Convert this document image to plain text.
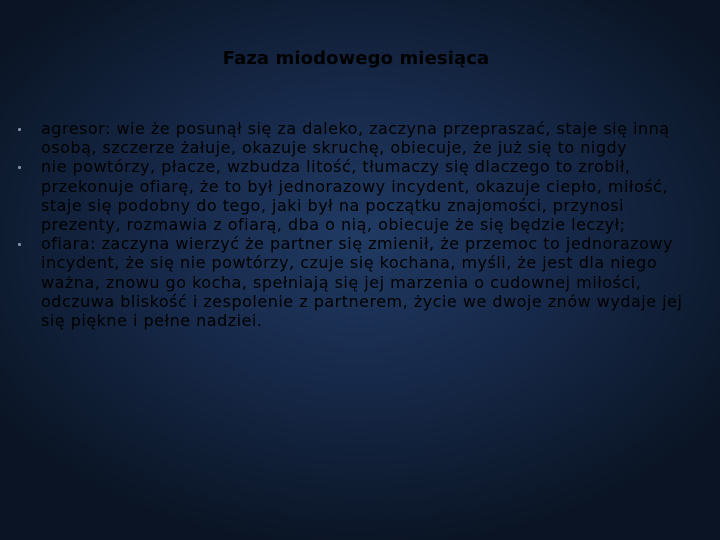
Faza miodowego miesiąca
agresor: wie że posunął się za daleko, zaczyna przepraszać, staje się inną osobą, szczerze żałuje, okazuje skruchę, obiecuje, że już się to nigdy
nie powtórzy, płacze, wzbudza litość, tłumaczy się dlaczego to zrobił, przekonuje ofiarę, że to był jednorazowy incydent, okazuje ciepło, miłość, staje się podobny do tego, jaki był na początku znajomości, przynosi prezenty, rozmawia z ofiarą, dba o nią, obiecuje że się będzie leczył;
ofiara: zaczyna wierzyć że partner się zmienił, że przemoc to jednorazowy incydent, że się nie powtórzy, czuje się kochana, myśli, że jest dla niego ważna, znowu go kocha, spełniają się jej marzenia o cudownej miłości, odczuwa bliskość i zespolenie z partnerem, życie we dwoje znów wydaje jej się piękne i pełne nadziei.
